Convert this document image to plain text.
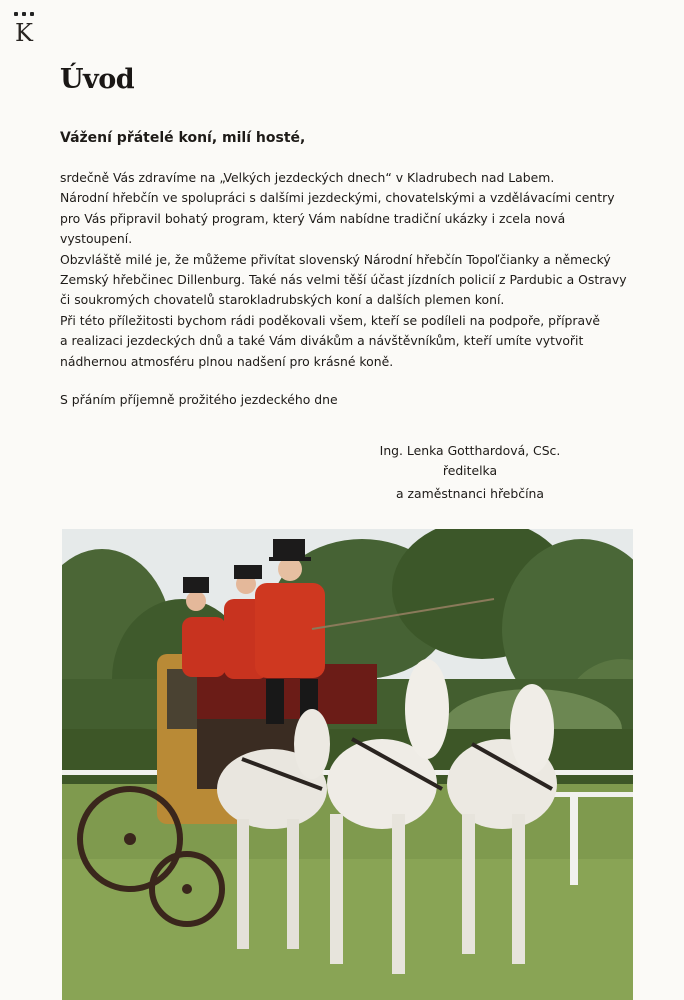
K
Úvod
Vážení přátelé koní, milí hosté,

srdečně Vás zdravíme na „Velkých jezdeckých dnech“ v Kladrubech nad Labem.

Národní hřebčín ve spolupráci s dalšími jezdeckými, chovatelskými a vzdělávacími centry

pro Vás připravil bohatý program, který Vám nabídne tradiční ukázky i zcela nová

vystoupení.

Obzvláště milé je, že můžeme přivítat slovenský Národní hřebčín Topoľčianky a německý

Zemský hřebčinec Dillenburg. Také nás velmi těší účast jízdních policií z Pardubic a Ostravy

či soukromých chovatelů starokladrubských koní a dalších plemen koní.

Při této příležitosti bychom rádi poděkovali všem, kteří se podíleli na podpoře, přípravě

a realizaci jezdeckých dnů a také Vám divákům a návštěvníkům, kteří umíte vytvořit

nádhernou atmosféru plnou nadšení pro krásné koně.

S přáním příjemně prožitého jezdeckého dne

Ing. Lenka Gotthardová, CSc.

ředitelka

a zaměstnanci hřebčína
